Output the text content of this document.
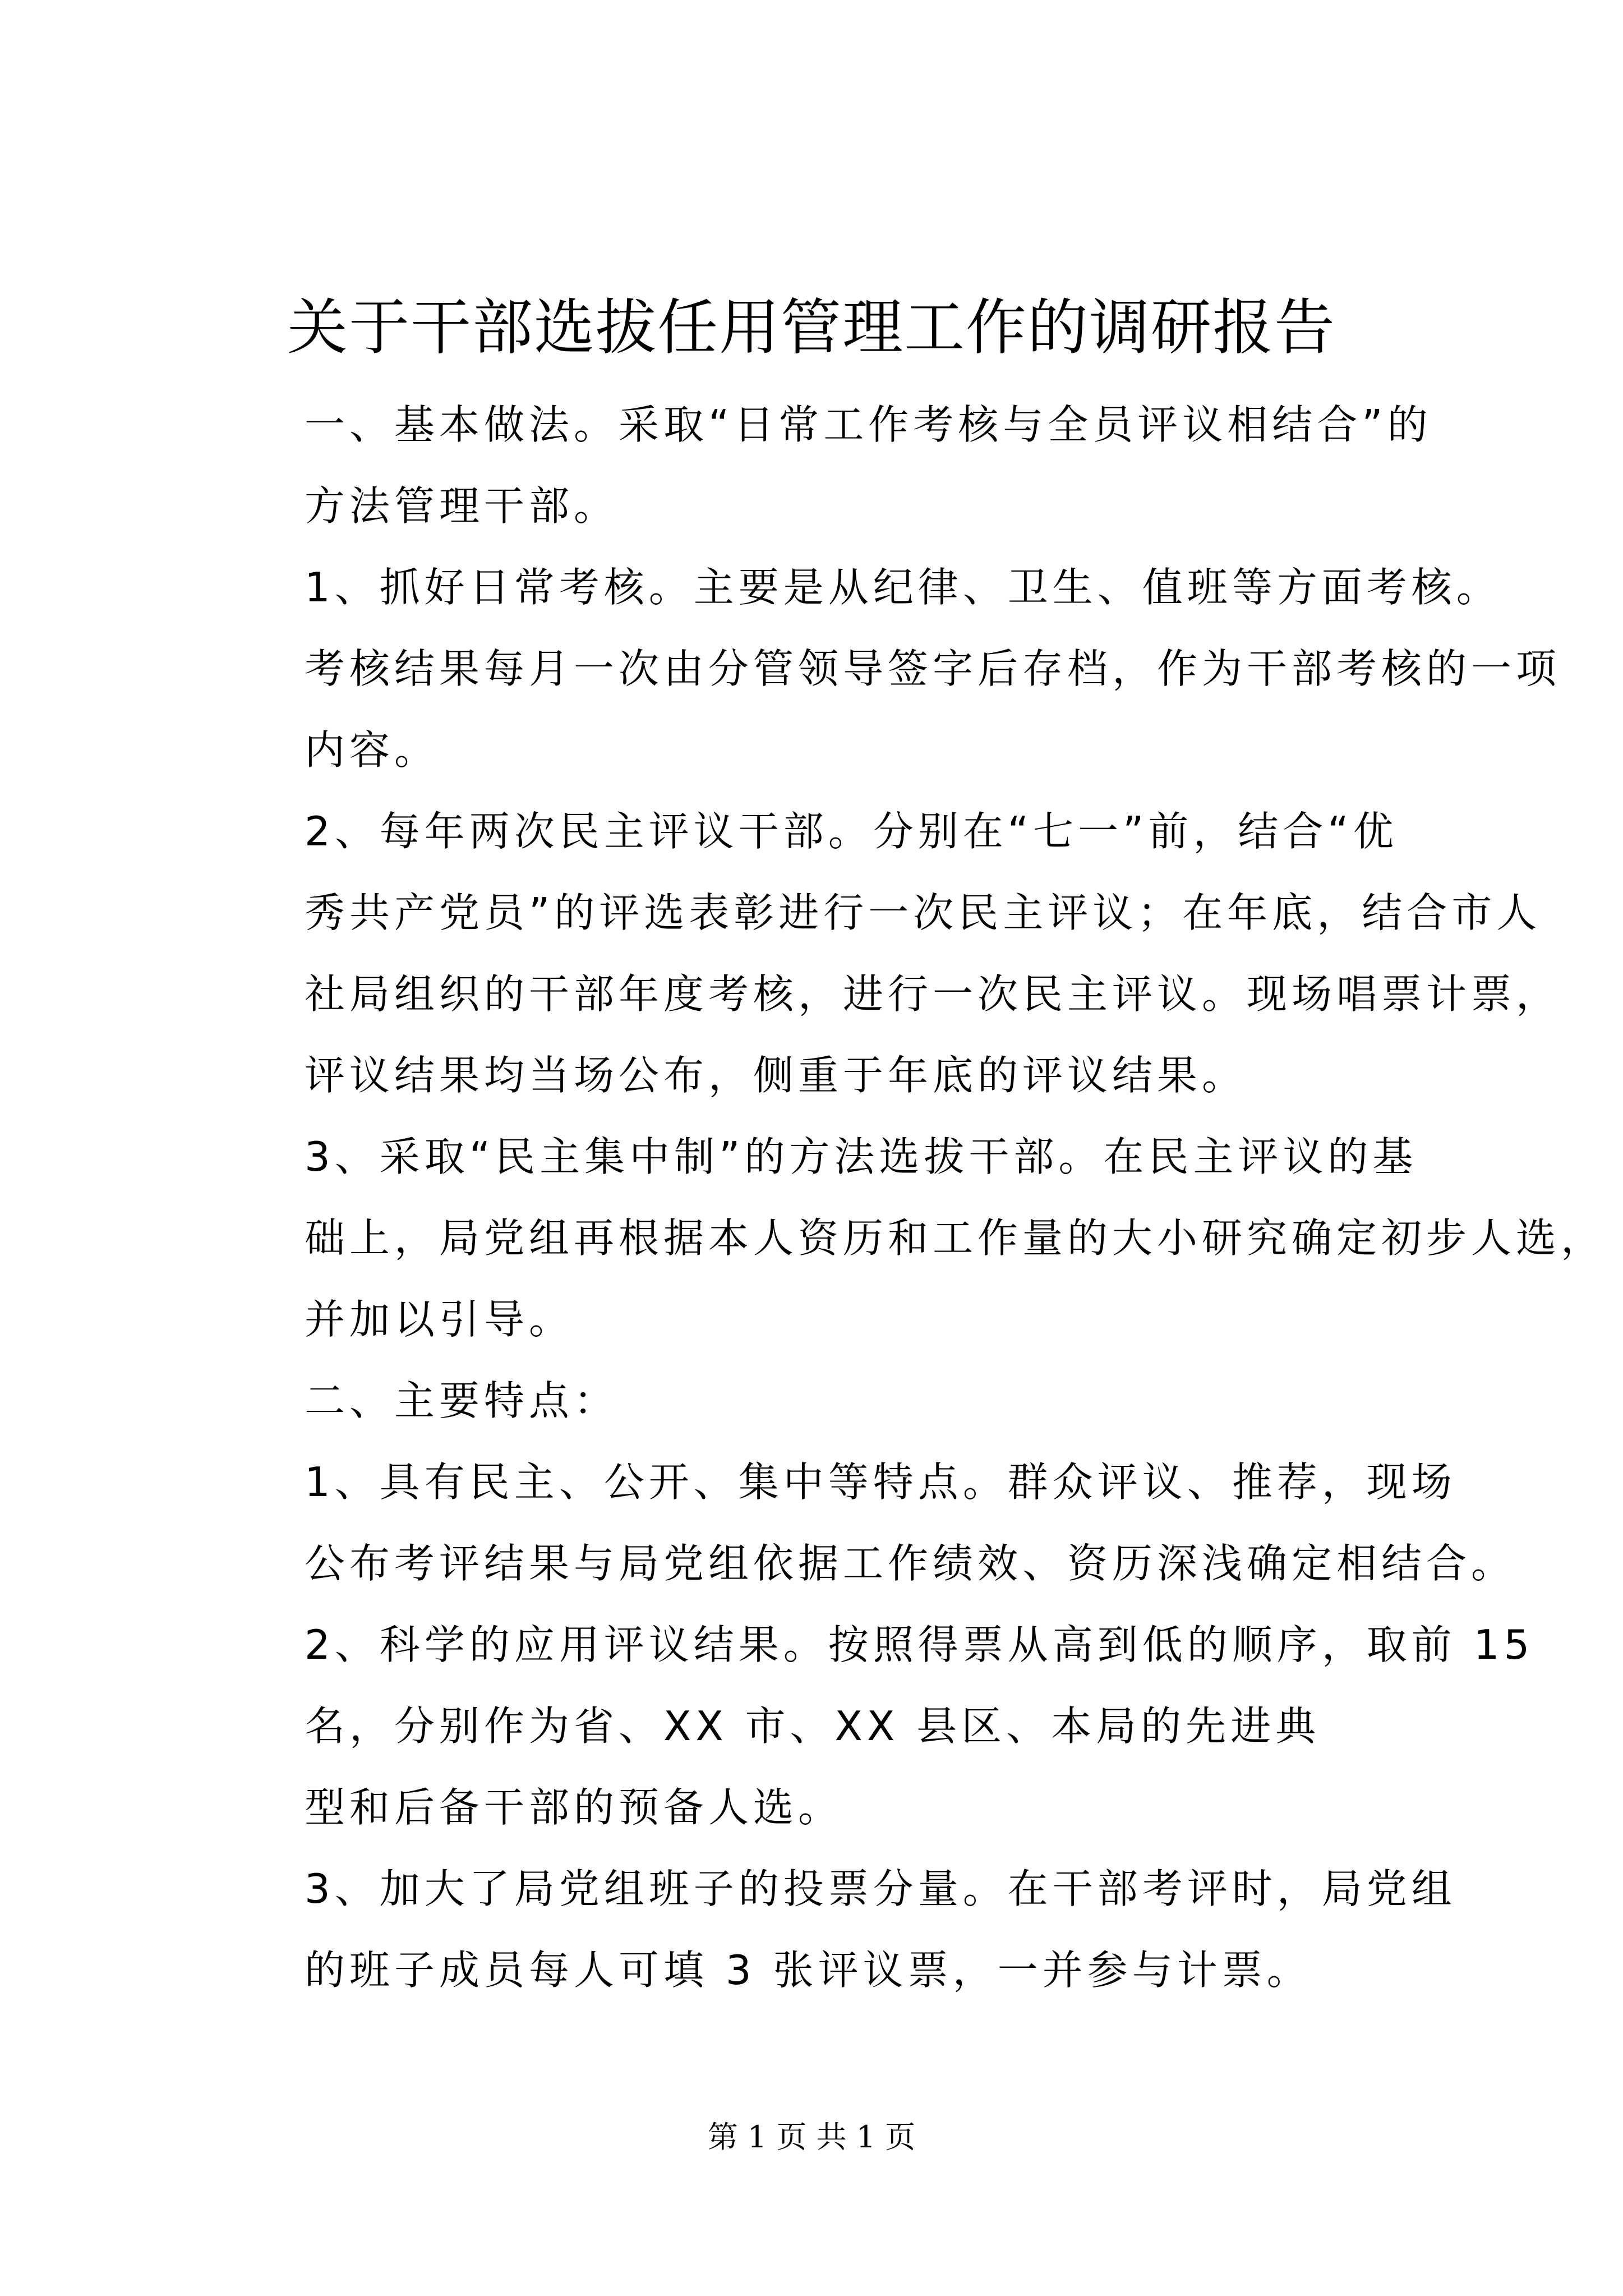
关于干部选拔任用管理工作的调研报告

一、基本做法。采取“日常工作考核与全员评议相结合”的
方法管理干部。

1、抓好日常考核。主要是从纪律、卫生、值班等方面考核。
考核结果每月一次由分管领导签字后存档，作为干部考核的一项
内容。

2、每年两次民主评议干部。分别在“七一”前，结合“优
秀共产党员”的评选表彰进行一次民主评议；在年底，结合市人
社局组织的干部年度考核，进行一次民主评议。现场唱票计票，
评议结果均当场公布，侧重于年底的评议结果。

3、采取“民主集中制”的方法选拔干部。在民主评议的基
础上，局党组再根据本人资历和工作量的大小研究确定初步人选，
并加以引导。

二、主要特点：

1、具有民主、公开、集中等特点。群众评议、推荐，现场
公布考评结果与局党组依据工作绩效、资历深浅确定相结合。

2、科学的应用评议结果。按照得票从高到低的顺序，取前 15
名，分别作为省、XX 市、XX 县区、本局的先进典

型和后备干部的预备人选。

3、加大了局党组班子的投票分量。在干部考评时，局党组
的班子成员每人可填 3 张评议票，一并参与计票。

第 1 页 共 1 页
